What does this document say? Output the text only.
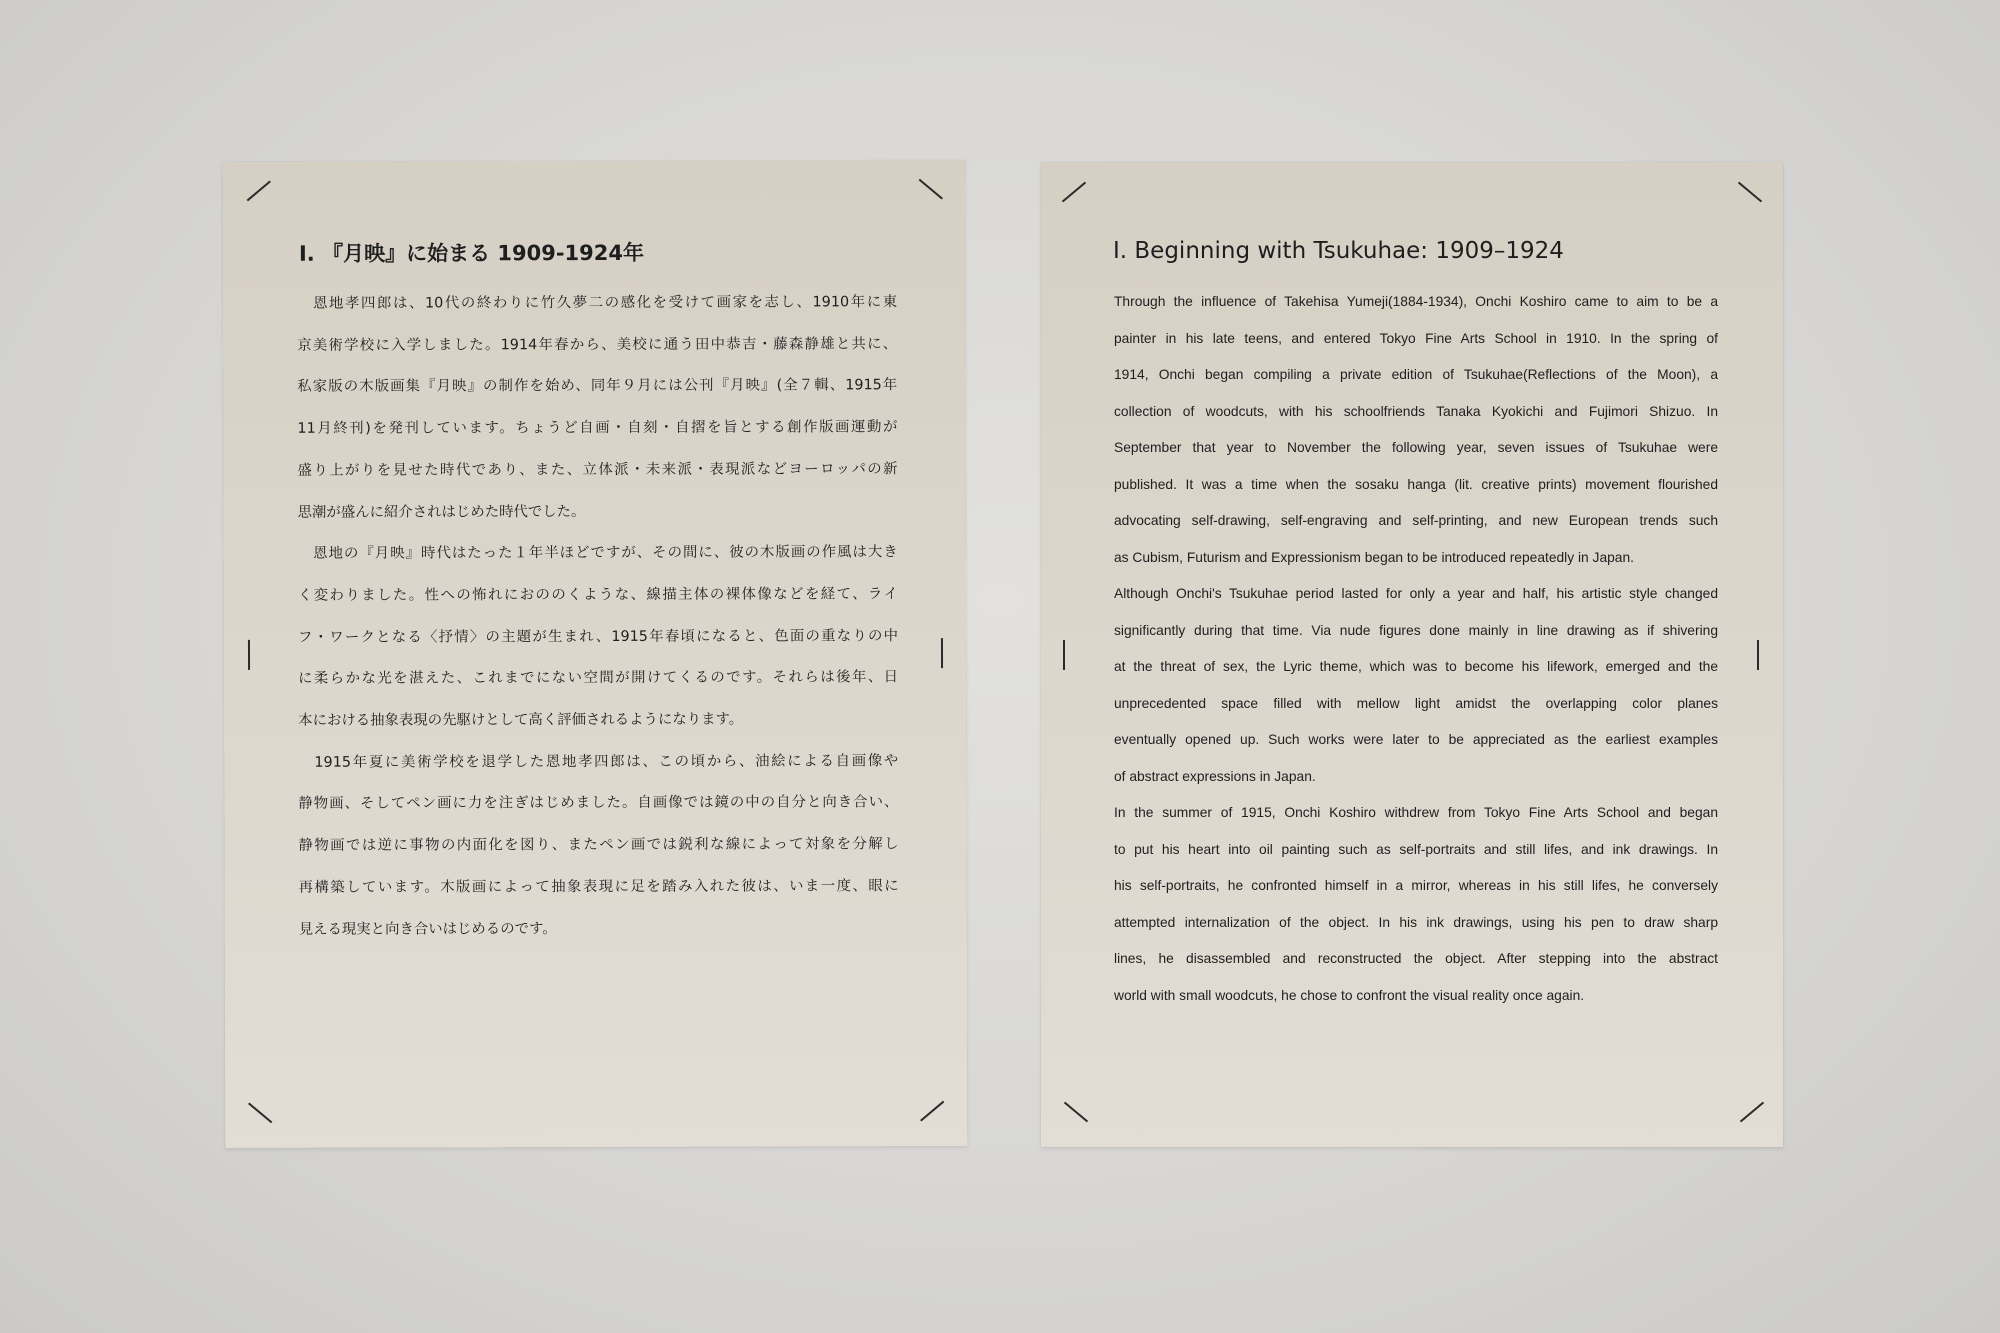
I. 『月映』に始まる 1909-1924年

　恩地孝四郎は、10代の終わりに竹久夢二の感化を受けて画家を志し、1910年に東
京美術学校に入学しました。1914年春から、美校に通う田中恭吉・藤森静雄と共に、
私家版の木版画集『月映』の制作を始め、同年９月には公刊『月映』(全７輯、1915年
11月終刊)を発刊しています。ちょうど自画・自刻・自摺を旨とする創作版画運動が
盛り上がりを見せた時代であり、また、立体派・未来派・表現派などヨーロッパの新
思潮が盛んに紹介されはじめた時代でした。

　恩地の『月映』時代はたった１年半ほどですが、その間に、彼の木版画の作風は大き
く変わりました。性への怖れにおののくような、線描主体の裸体像などを経て、ライ
フ・ワークとなる〈抒情〉の主題が生まれ、1915年春頃になると、色面の重なりの中
に柔らかな光を湛えた、これまでにない空間が開けてくるのです。それらは後年、日
本における抽象表現の先駆けとして高く評価されるようになります。

　1915年夏に美術学校を退学した恩地孝四郎は、この頃から、油絵による自画像や
静物画、そしてペン画に力を注ぎはじめました。自画像では鏡の中の自分と向き合い、
静物画では逆に事物の内面化を図り、またペン画では鋭利な線によって対象を分解し
再構築しています。木版画によって抽象表現に足を踏み入れた彼は、いま一度、眼に
見える現実と向き合いはじめるのです。

I. Beginning with Tsukuhae: 1909–1924
Through the influence of Takehisa Yumeji(1884-1934), Onchi Koshiro came to aim to be a
painter in his late teens, and entered Tokyo Fine Arts School in 1910. In the spring of
1914, Onchi began compiling a private edition of Tsukuhae(Reflections of the Moon), a
collection of woodcuts, with his schoolfriends Tanaka Kyokichi and Fujimori Shizuo. In
September that year to November the following year, seven issues of Tsukuhae were
published. It was a time when the sosaku hanga (lit. creative prints) movement flourished
advocating self-drawing, self-engraving and self-printing, and new European trends such
as Cubism, Futurism and Expressionism began to be introduced repeatedly in Japan.
Although Onchi's Tsukuhae period lasted for only a year and half, his artistic style changed
significantly during that time. Via nude figures done mainly in line drawing as if shivering
at the threat of sex, the Lyric theme, which was to become his lifework, emerged and the
unprecedented space filled with mellow light amidst the overlapping color planes
eventually opened up. Such works were later to be appreciated as the earliest examples
of abstract expressions in Japan.
In the summer of 1915, Onchi Koshiro withdrew from Tokyo Fine Arts School and began
to put his heart into oil painting such as self-portraits and still lifes, and ink drawings. In
his self-portraits, he confronted himself in a mirror, whereas in his still lifes, he conversely
attempted internalization of the object. In his ink drawings, using his pen to draw sharp
lines, he disassembled and reconstructed the object. After stepping into the abstract
world with small woodcuts, he chose to confront the visual reality once again.
